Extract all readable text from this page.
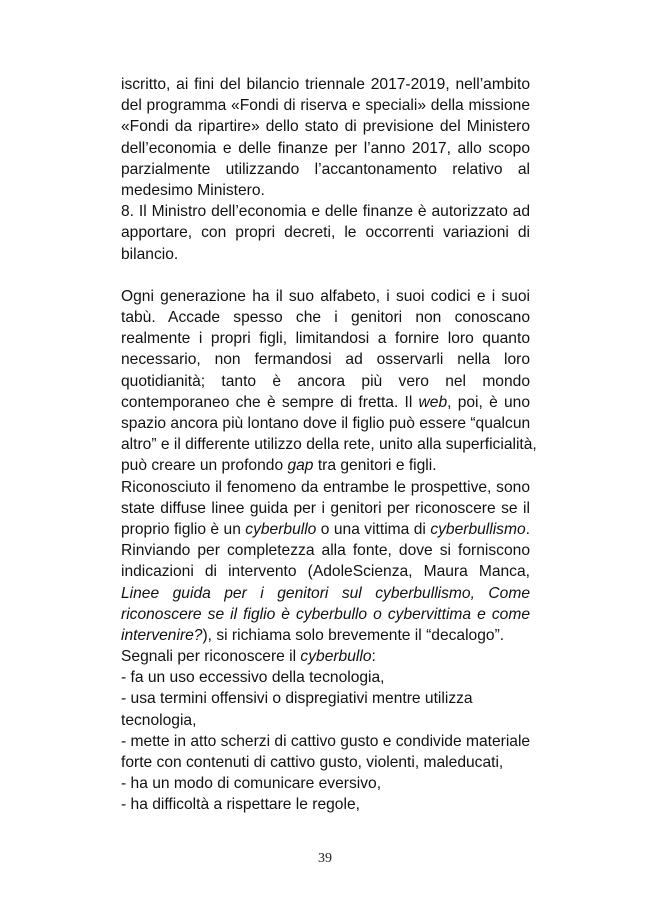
iscritto, ai fini del bilancio triennale 2017-2019, nell’ambito
del programma «Fondi di riserva e speciali» della missione
«Fondi da ripartire» dello stato di previsione del Ministero
dell’economia e delle finanze per l’anno 2017, allo scopo
parzialmente utilizzando l’accantonamento relativo al
medesimo Ministero.
8. Il Ministro dell’economia e delle finanze è autorizzato ad
apportare, con propri decreti, le occorrenti variazioni di
bilancio.
Ogni generazione ha il suo alfabeto, i suoi codici e i suoi
tabù. Accade spesso che i genitori non conoscano
realmente i propri figli, limitandosi a fornire loro quanto
necessario, non fermandosi ad osservarli nella loro
quotidianità; tanto è ancora più vero nel mondo
contemporaneo che è sempre di fretta. Il web, poi, è uno
spazio ancora più lontano dove il figlio può essere “qualcun
altro” e il differente utilizzo della rete, unito alla superficialità,
può creare un profondo gap tra genitori e figli.
Riconosciuto il fenomeno da entrambe le prospettive, sono
state diffuse linee guida per i genitori per riconoscere se il
proprio figlio è un cyberbullo o una vittima di cyberbullismo.
Rinviando per completezza alla fonte, dove si forniscono
indicazioni di intervento (AdoleScienza, Maura Manca,
Linee guida per i genitori sul cyberbullismo, Come
riconoscere se il figlio è cyberbullo o cybervittima e come
intervenire?), si richiama solo brevemente il “decalogo”.
Segnali per riconoscere il cyberbullo:
- fa un uso eccessivo della tecnologia,
- usa termini offensivi o dispregiativi mentre utilizza
tecnologia,
- mette in atto scherzi di cattivo gusto e condivide materiale
forte con contenuti di cattivo gusto, violenti, maleducati,
- ha un modo di comunicare eversivo,
- ha difficoltà a rispettare le regole,
39
